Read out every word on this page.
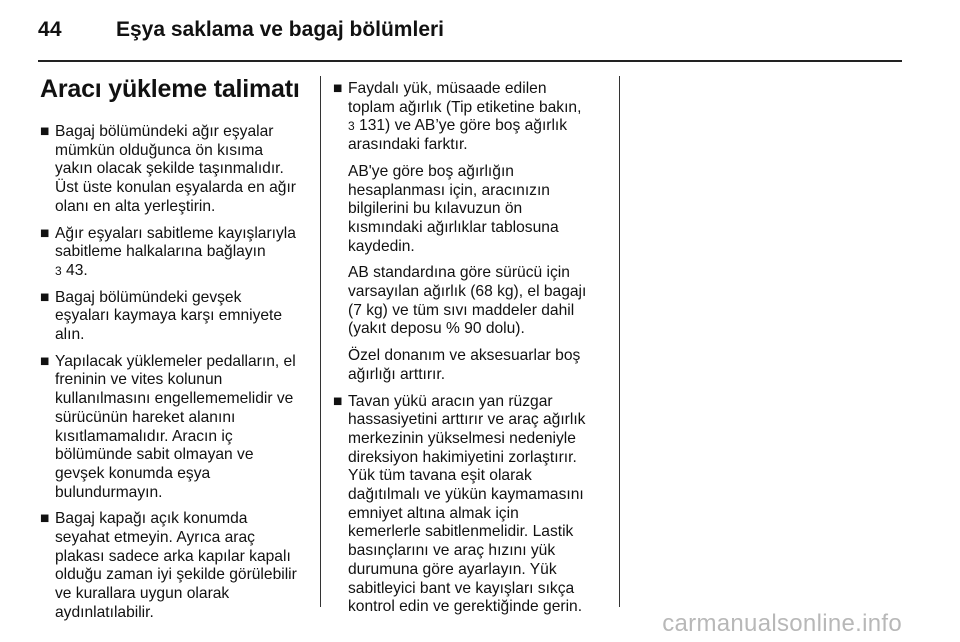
44	Eşya saklama ve bagaj bölümleri
Aracı yükleme talimatı
■ Bagaj bölümündeki ağır eşyalar
mümkün olduğunca ön kısıma
yakın olacak şekilde taşınmalıdır.
Üst üste konulan eşyalarda en ağır
olanı en alta yerleştirin.
■ Ağır eşyaları sabitleme kayışlarıyla
sabitleme halkalarına bağlayın
3 43.
■ Bagaj bölümündeki gevşek
eşyaları kaymaya karşı emniyete
alın.
■ Yapılacak yüklemeler pedalların, el
freninin ve vites kolunun
kullanılmasını engellememelidir ve
sürücünün hareket alanını
kısıtlamamalıdır. Aracın iç
bölümünde sabit olmayan ve
gevşek konumda eşya
bulundurmayın.
■ Bagaj kapağı açık konumda
seyahat etmeyin. Ayrıca araç
plakası sadece arka kapılar kapalı
olduğu zaman iyi şekilde görülebilir
ve kurallara uygun olarak
aydınlatılabilir.
■ Faydalı yük, müsaade edilen
toplam ağırlık (Tip etiketine bakın,
3 131) ve AB’ye göre boş ağırlık
arasındaki farktır.
AB'ye göre boş ağırlığın
hesaplanması için, aracınızın
bilgilerini bu kılavuzun ön
kısmındaki ağırlıklar tablosuna
kaydedin.
AB standardına göre sürücü için
varsayılan ağırlık (68 kg), el bagajı
(7 kg) ve tüm sıvı maddeler dahil
(yakıt deposu % 90 dolu).
Özel donanım ve aksesuarlar boş
ağırlığı arttırır.
■ Tavan yükü aracın yan rüzgar
hassasiyetini arttırır ve araç ağırlık
merkezinin yükselmesi nedeniyle
direksiyon hakimiyetini zorlaştırır.
Yük tüm tavana eşit olarak
dağıtılmalı ve yükün kaymamasını
emniyet altına almak için
kemerlerle sabitlenmelidir. Lastik
basınçlarını ve araç hızını yük
durumuna göre ayarlayın. Yük
sabitleyici bant ve kayışları sıkça
kontrol edin ve gerektiğinde gerin.
carmanualsonline.info
